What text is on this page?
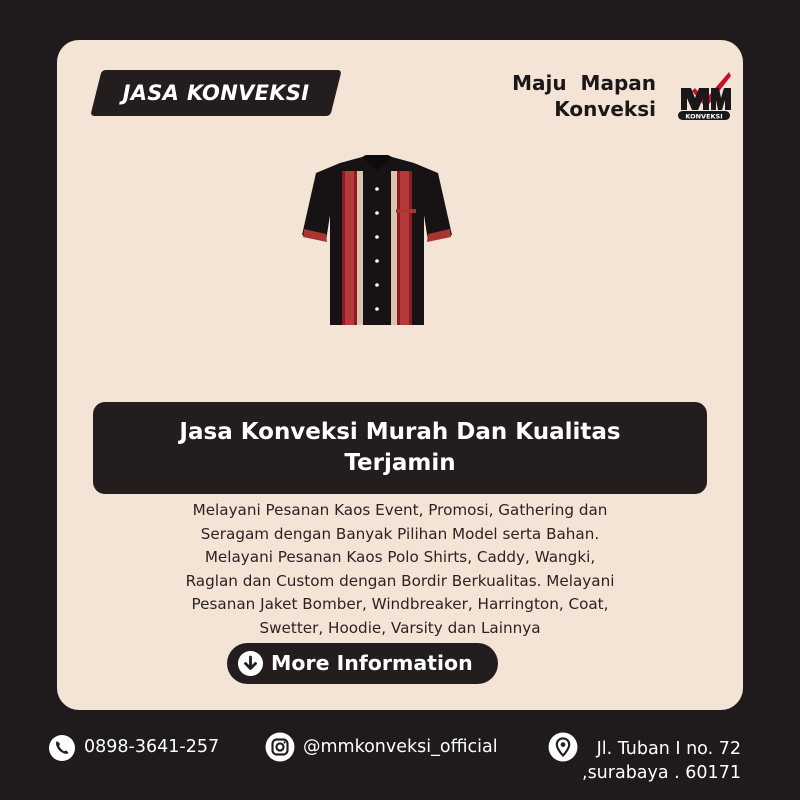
JASA KONVEKSI	Maju  Mapan
Konveksi	KONVEKSI
Jasa Konveksi Murah Dan Kualitas Terjamin
Melayani Pesanan Kaos Event, Promosi, Gathering dan
Seragam dengan Banyak Pilihan Model serta Bahan.
Melayani Pesanan Kaos Polo Shirts, Caddy, Wangki,
Raglan dan Custom dengan Bordir Berkualitas. Melayani
Pesanan Jaket Bomber, Windbreaker, Harrington, Coat,
Swetter, Hoodie, Varsity dan Lainnya
More Information
0898-3641-257	@mmkonveksi_official	Jl. Tuban I no. 72
,surabaya . 60171
